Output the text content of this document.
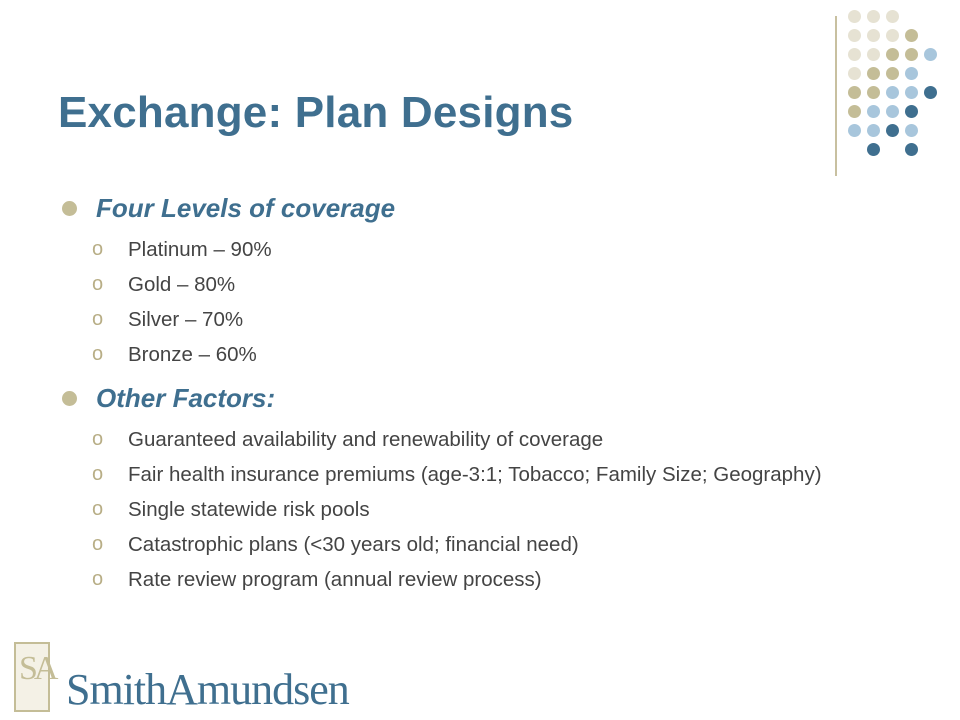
Exchange: Plan Designs
Four Levels of coverage
o	Platinum – 90%
o	Gold – 80%
o	Silver – 70%
o	Bronze – 60%
Other Factors:
o	Guaranteed availability and renewability of coverage
o	Fair health insurance premiums (age-3:1; Tobacco; Family Size; Geography)
o	Single statewide risk pools
o	Catastrophic plans (<30 years old; financial need)
o	Rate review program (annual review process)
SA SmithAmundsen
